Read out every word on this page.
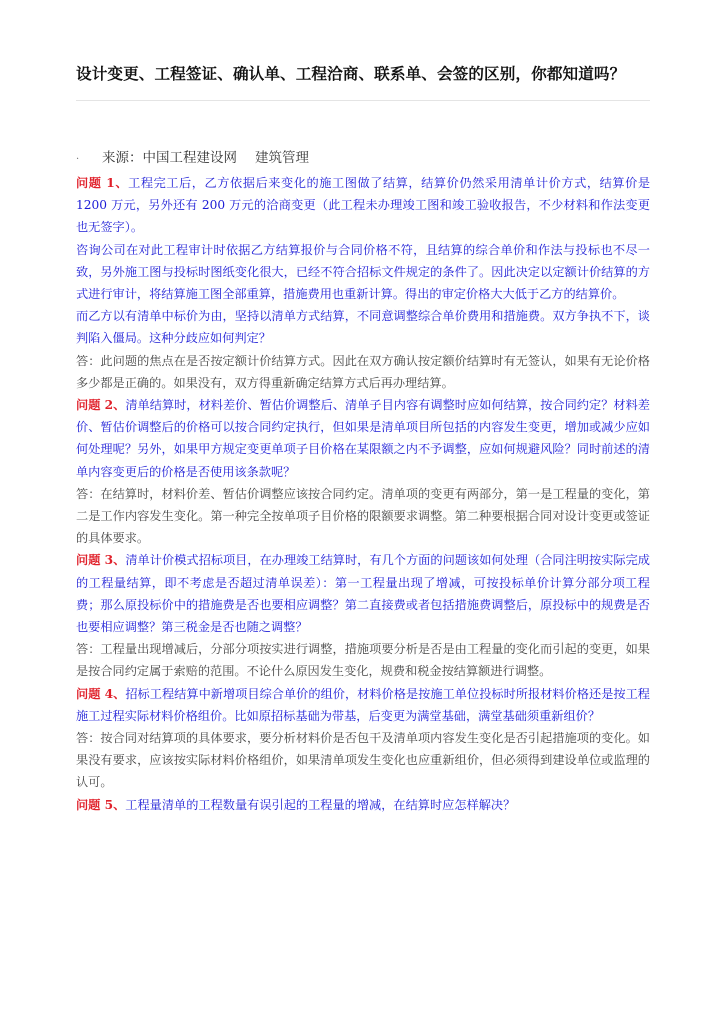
设计变更、工程签证、确认单、工程洽商、联系单、会签的区别，你都知道吗？
· 来源：中国工程建设网 建筑管理

问题 1、工程完工后，乙方依据后来变化的施工图做了结算，结算价仍然采用清单计价方式，结算价是 1200 万元，另外还有 200 万元的洽商变更（此工程未办理竣工图和竣工验收报告，不少材料和作法变更也无签字）。

咨询公司在对此工程审计时依据乙方结算报价与合同价格不符，且结算的综合单价和作法与投标也不尽一致，另外施工图与投标时图纸变化很大，已经不符合招标文件规定的条件了。因此决定以定额计价结算的方式进行审计，将结算施工图全部重算，措施费用也重新计算。得出的审定价格大大低于乙方的结算价。

而乙方以有清单中标价为由，坚持以清单方式结算，不同意调整综合单价费用和措施费。双方争执不下，谈判陷入僵局。这种分歧应如何判定？

答：此问题的焦点在是否按定额计价结算方式。因此在双方确认按定额价结算时有无签认，如果有无论价格多少都是正确的。如果没有，双方得重新确定结算方式后再办理结算。

问题 2、清单结算时，材料差价、暂估价调整后、清单子目内容有调整时应如何结算，按合同约定？材料差价、暂估价调整后的价格可以按合同约定执行，但如果是清单项目所包括的内容发生变更，增加或减少应如何处理呢？另外，如果甲方规定变更单项子目价格在某限额之内不予调整，应如何规避风险？同时前述的清单内容变更后的价格是否使用该条款呢？

答：在结算时，材料价差、暂估价调整应该按合同约定。清单项的变更有两部分，第一是工程量的变化，第二是工作内容发生变化。第一种完全按单项子目价格的限额要求调整。第二种要根据合同对设计变更或签证的具体要求。

问题 3、清单计价模式招标项目，在办理竣工结算时，有几个方面的问题该如何处理（合同注明按实际完成的工程量结算，即不考虑是否超过清单误差）：第一工程量出现了增减，可按投标单价计算分部分项工程费；那么原投标价中的措施费是否也要相应调整？第二直接费或者包括措施费调整后，原投标中的规费是否也要相应调整？第三税金是否也随之调整？

答：工程量出现增减后，分部分项按实进行调整，措施项要分析是否是由工程量的变化而引起的变更，如果是按合同约定属于索赔的范围。不论什么原因发生变化，规费和税金按结算额进行调整。

问题 4、招标工程结算中新增项目综合单价的组价，材料价格是按施工单位投标时所报材料价格还是按工程施工过程实际材料价格组价。比如原招标基础为带基，后变更为满堂基础，满堂基础须重新组价？

答：按合同对结算项的具体要求，要分析材料价是否包干及清单项内容发生变化是否引起措施项的变化。如果没有要求，应该按实际材料价格组价，如果清单项发生变化也应重新组价，但必须得到建设单位或监理的认可。

问题 5、工程量清单的工程数量有误引起的工程量的增减，在结算时应怎样解决？
